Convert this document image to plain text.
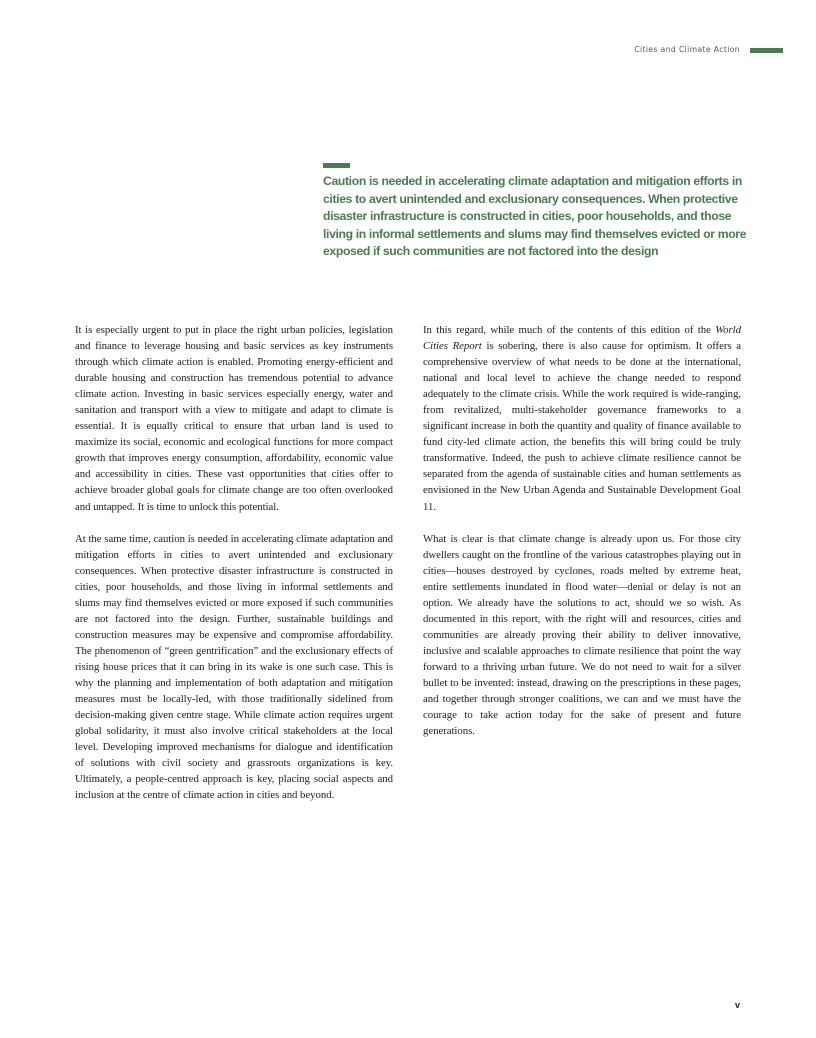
Cities and Climate Action

Caution is needed in accelerating climate adaptation and mitigation efforts in cities to avert unintended and exclusionary consequences. When protective disaster infrastructure is constructed in cities, poor households, and those living in informal settlements and slums may find themselves evicted or more exposed if such communities are not factored into the design

It is especially urgent to put in place the right urban policies, legislation and finance to leverage housing and basic services as key instruments through which climate action is enabled. Promoting energy-efficient and durable housing and construction has tremendous potential to advance climate action. Investing in basic services especially energy, water and sanitation and transport with a view to mitigate and adapt to climate is essential. It is equally critical to ensure that urban land is used to maximize its social, economic and ecological functions for more compact growth that improves energy consumption, affordability, economic value and accessibility in cities. These vast opportunities that cities offer to achieve broader global goals for climate change are too often overlooked and untapped. It is time to unlock this potential.

At the same time, caution is needed in accelerating climate adaptation and mitigation efforts in cities to avert unintended and exclusionary consequences. When protective disaster infrastructure is constructed in cities, poor households, and those living in informal settlements and slums may find themselves evicted or more exposed if such communities are not factored into the design. Further, sustainable buildings and construction measures may be expensive and compromise affordability. The phenomenon of “green gentrification” and the exclusionary effects of rising house prices that it can bring in its wake is one such case. This is why the planning and implementation of both adaptation and mitigation measures must be locally-led, with those traditionally sidelined from decision-making given centre stage. While climate action requires urgent global solidarity, it must also involve critical stakeholders at the local level. Developing improved mechanisms for dialogue and identification of solutions with civil society and grassroots organizations is key. Ultimately, a people-centred approach is key, placing social aspects and inclusion at the centre of climate action in cities and beyond.

In this regard, while much of the contents of this edition of the World Cities Report is sobering, there is also cause for optimism. It offers a comprehensive overview of what needs to be done at the international, national and local level to achieve the change needed to respond adequately to the climate crisis. While the work required is wide-ranging, from revitalized, multi-stakeholder governance frameworks to a significant increase in both the quantity and quality of finance available to fund city-led climate action, the benefits this will bring could be truly transformative. Indeed, the push to achieve climate resilience cannot be separated from the agenda of sustainable cities and human settlements as envisioned in the New Urban Agenda and Sustainable Development Goal 11.

What is clear is that climate change is already upon us. For those city dwellers caught on the frontline of the various catastrophes playing out in cities—houses destroyed by cyclones, roads melted by extreme heat, entire settlements inundated in flood water—denial or delay is not an option. We already have the solutions to act, should we so wish. As documented in this report, with the right will and resources, cities and communities are already proving their ability to deliver innovative, inclusive and scalable approaches to climate resilience that point the way forward to a thriving urban future. We do not need to wait for a silver bullet to be invented: instead, drawing on the prescriptions in these pages, and together through stronger coalitions, we can and we must have the courage to take action today for the sake of present and future generations.

v
